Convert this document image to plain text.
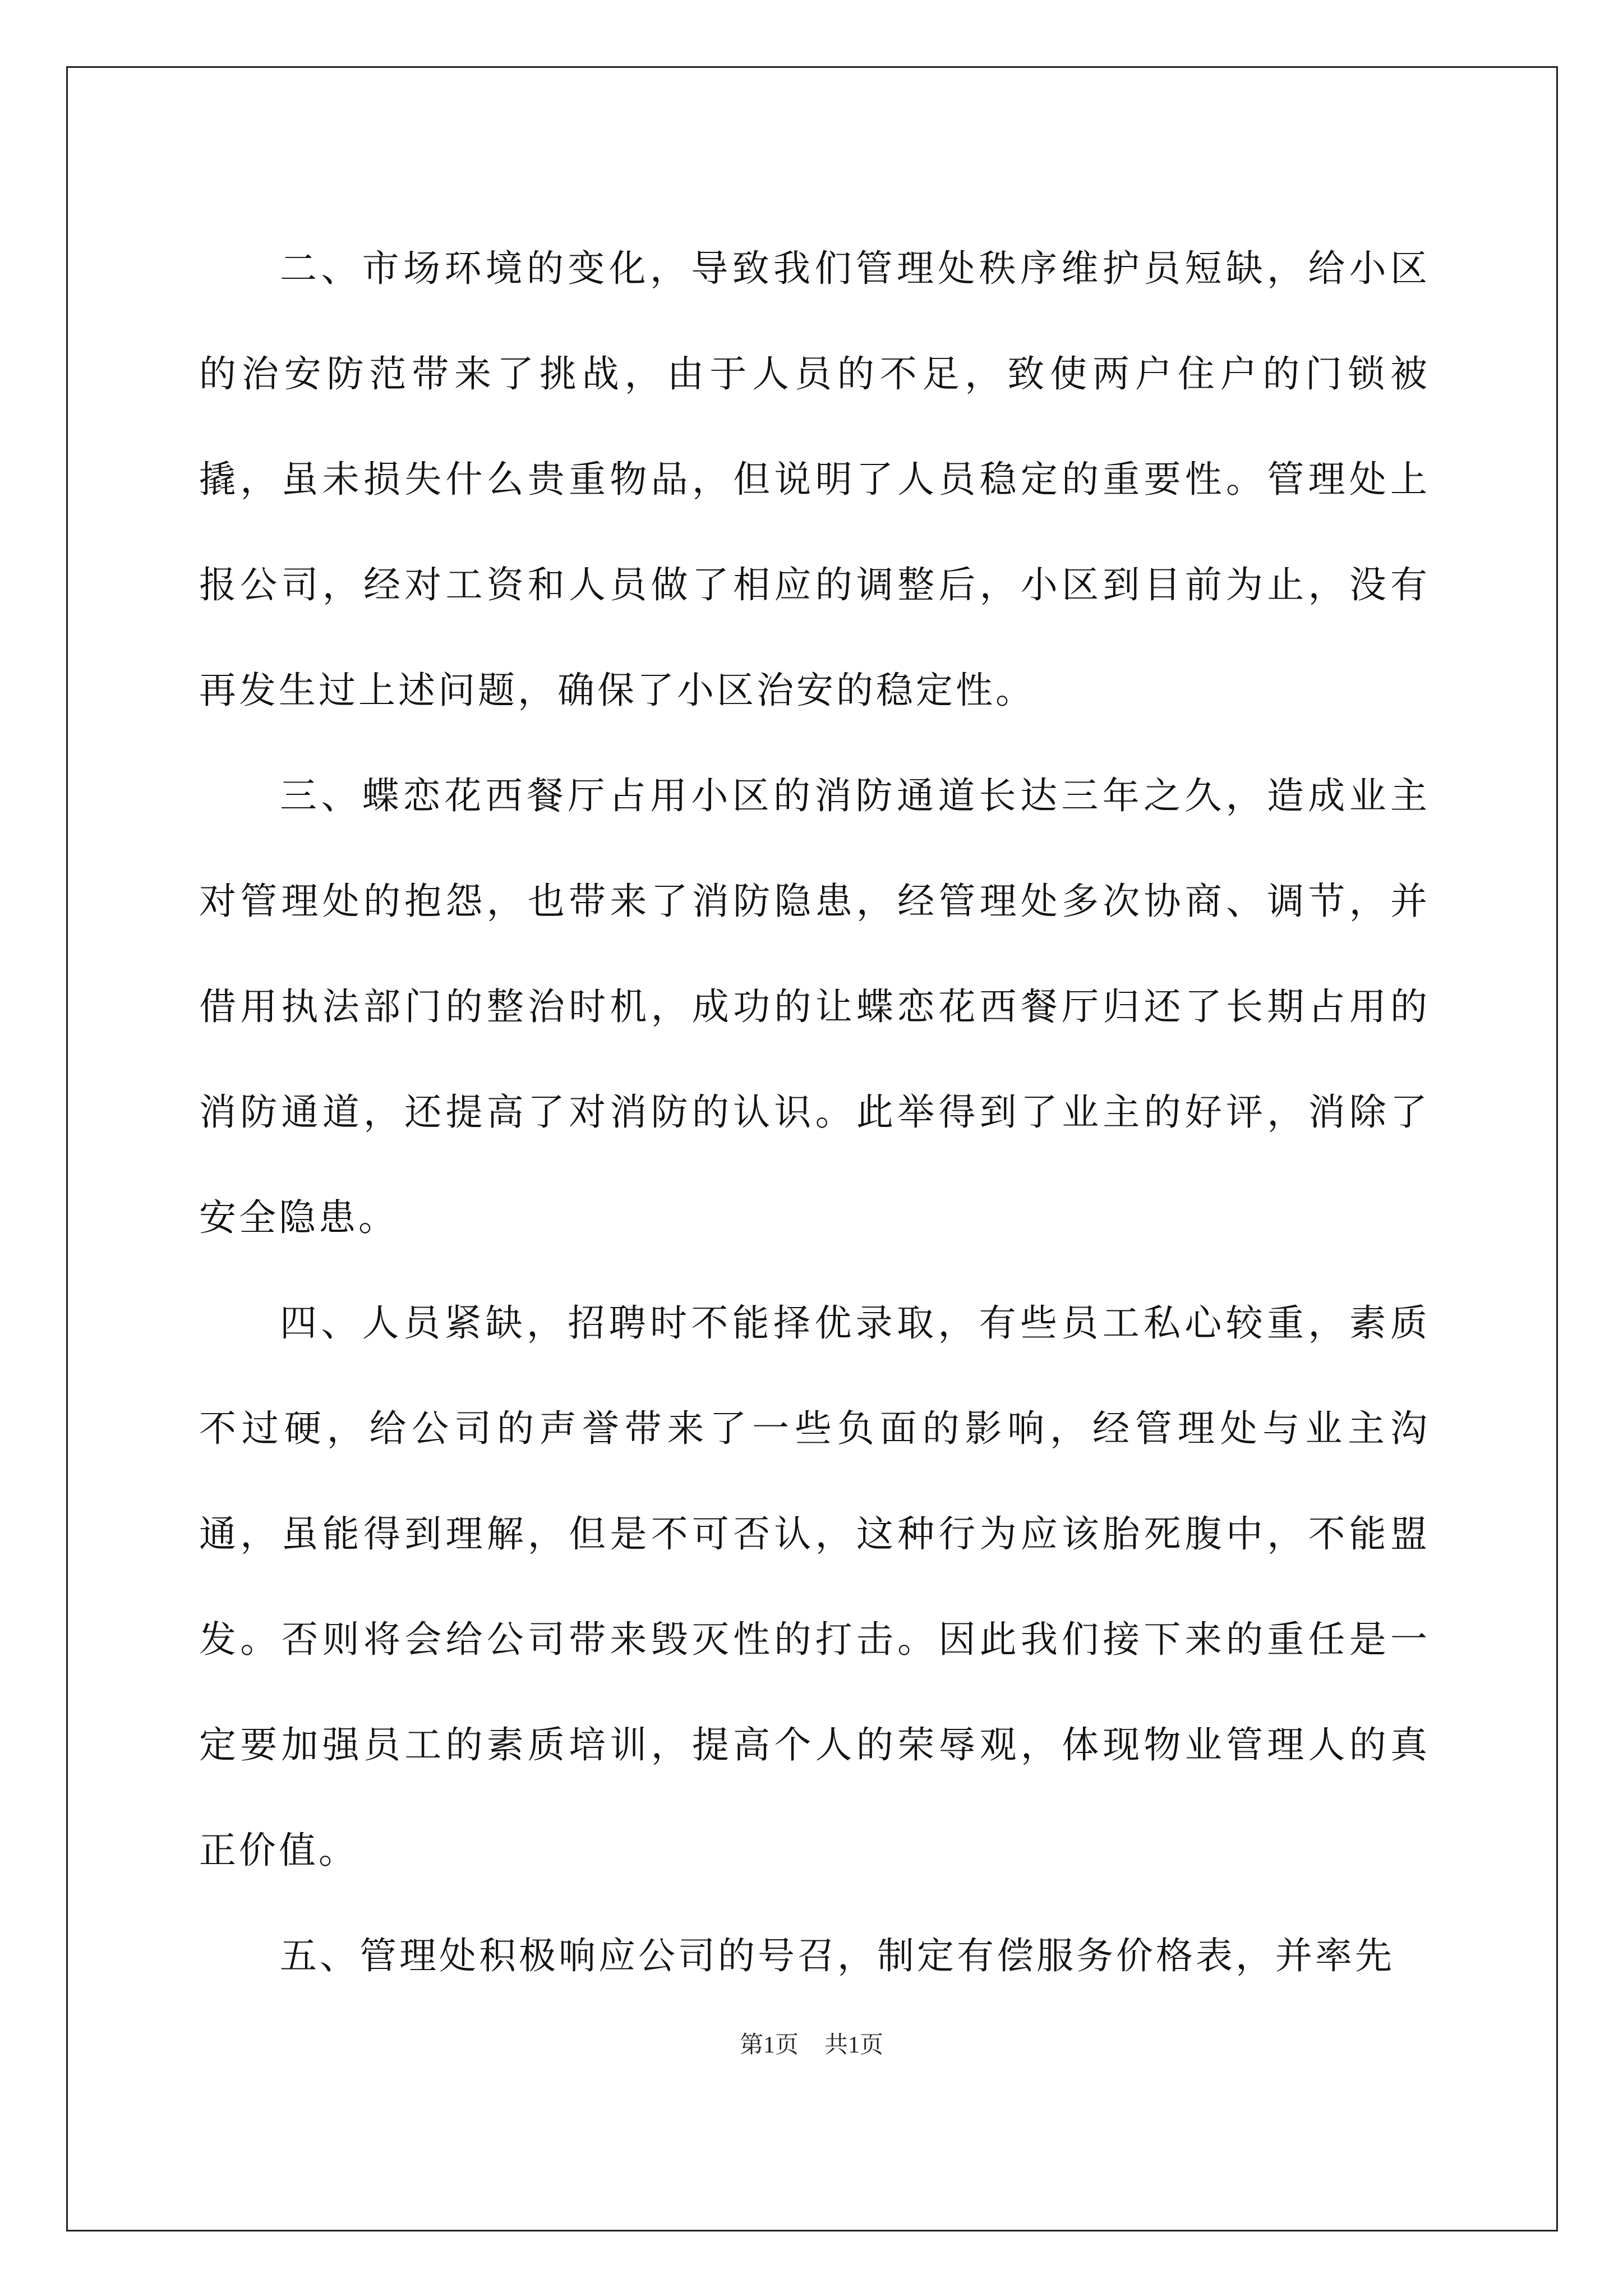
二、市场环境的变化，导致我们管理处秩序维护员短缺，给小区的治安防范带来了挑战，由于人员的不足，致使两户住户的门锁被撬，虽未损失什么贵重物品，但说明了人员稳定的重要性。管理处上报公司，经对工资和人员做了相应的调整后，小区到目前为止，没有再发生过上述问题，确保了小区治安的稳定性。

三、蝶恋花西餐厅占用小区的消防通道长达三年之久，造成业主对管理处的抱怨，也带来了消防隐患，经管理处多次协商、调节，并借用执法部门的整治时机，成功的让蝶恋花西餐厅归还了长期占用的消防通道，还提高了对消防的认识。此举得到了业主的好评，消除了安全隐患。

四、人员紧缺，招聘时不能择优录取，有些员工私心较重，素质不过硬，给公司的声誉带来了一些负面的影响，经管理处与业主沟通，虽能得到理解，但是不可否认，这种行为应该胎死腹中，不能盟发。否则将会给公司带来毁灭性的打击。因此我们接下来的重任是一定要加强员工的素质培训，提高个人的荣辱观，体现物业管理人的真正价值。

五、管理处积极响应公司的号召，制定有偿服务价格表，并率先

第1页 共1页
